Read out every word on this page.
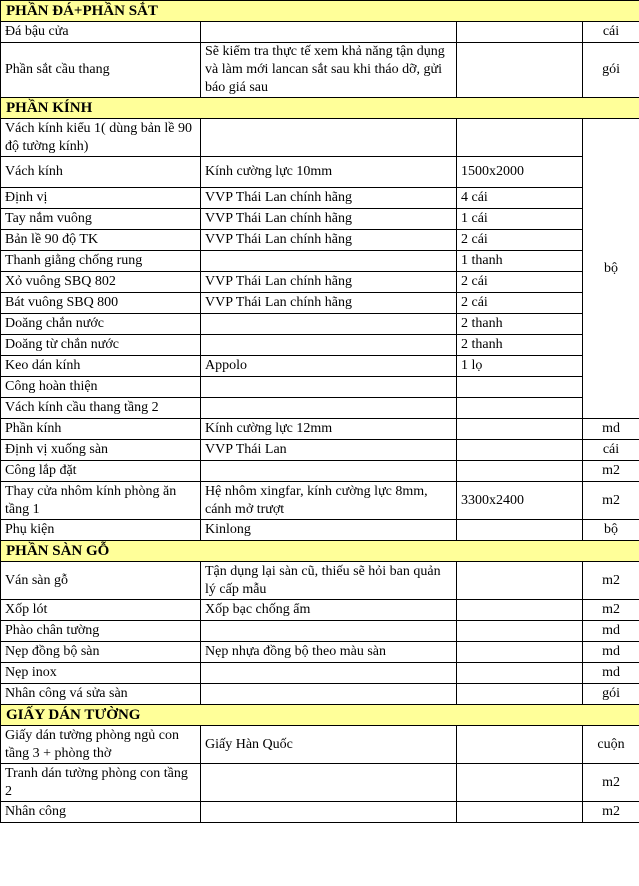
PHẦN ĐÁ+PHẦN SẮT			
Đá bậu cửa			cái
Phần sắt cầu thang	Sẽ kiểm tra thực tế xem khả năng tận dụng và làm mới lancan sắt sau khi tháo dỡ, gửi báo giá sau		gói
PHẦN KÍNH			
Vách kính kiểu 1( dùng bản lề 90 độ tường kính)			bộ
Vách kính	Kính cường lực 10mm	1500x2000	
Định vị	VVP Thái Lan chính hãng	4 cái	
Tay nắm vuông	VVP Thái Lan chính hãng	1 cái	
Bản lề 90 độ TK	VVP Thái Lan chính hãng	2 cái	
Thanh giằng chống rung		1 thanh	
Xỏ vuông SBQ 802	VVP Thái Lan chính hãng	2 cái	
Bát vuông SBQ 800	VVP Thái Lan chính hãng	2 cái	
Doăng chắn nước		2 thanh	
Doăng từ chắn nước		2 thanh	
Keo dán kính	Appolo	1 lọ	
Công hoàn thiện			
Vách kính cầu thang tầng 2			
Phần kính	Kính cường lực 12mm		md
Định vị xuống sàn	VVP Thái Lan		cái
Công lắp đặt			m2
Thay cửa nhôm kính phòng ăn tầng 1	Hệ nhôm xingfar, kính cường lực 8mm, cánh mở trượt	3300x2400	m2
Phụ kiện	Kinlong		bộ
PHẦN SÀN GỖ			
Ván sàn gỗ	Tận dụng lại sàn cũ, thiếu sẽ hỏi ban quản lý cấp mẫu		m2
Xốp lót	Xốp bạc chống ẩm		m2
Phào chân tường			md
Nẹp đồng bộ sàn	Nẹp nhựa đồng bộ theo màu sàn		md
Nẹp inox			md
Nhân công vá sửa sàn			gói
GIẤY DÁN TƯỜNG			
Giấy dán tường phòng ngủ con tầng 3 + phòng thờ	Giấy Hàn Quốc		cuộn
Tranh dán tường phòng con tầng 2			m2
Nhân công			m2
